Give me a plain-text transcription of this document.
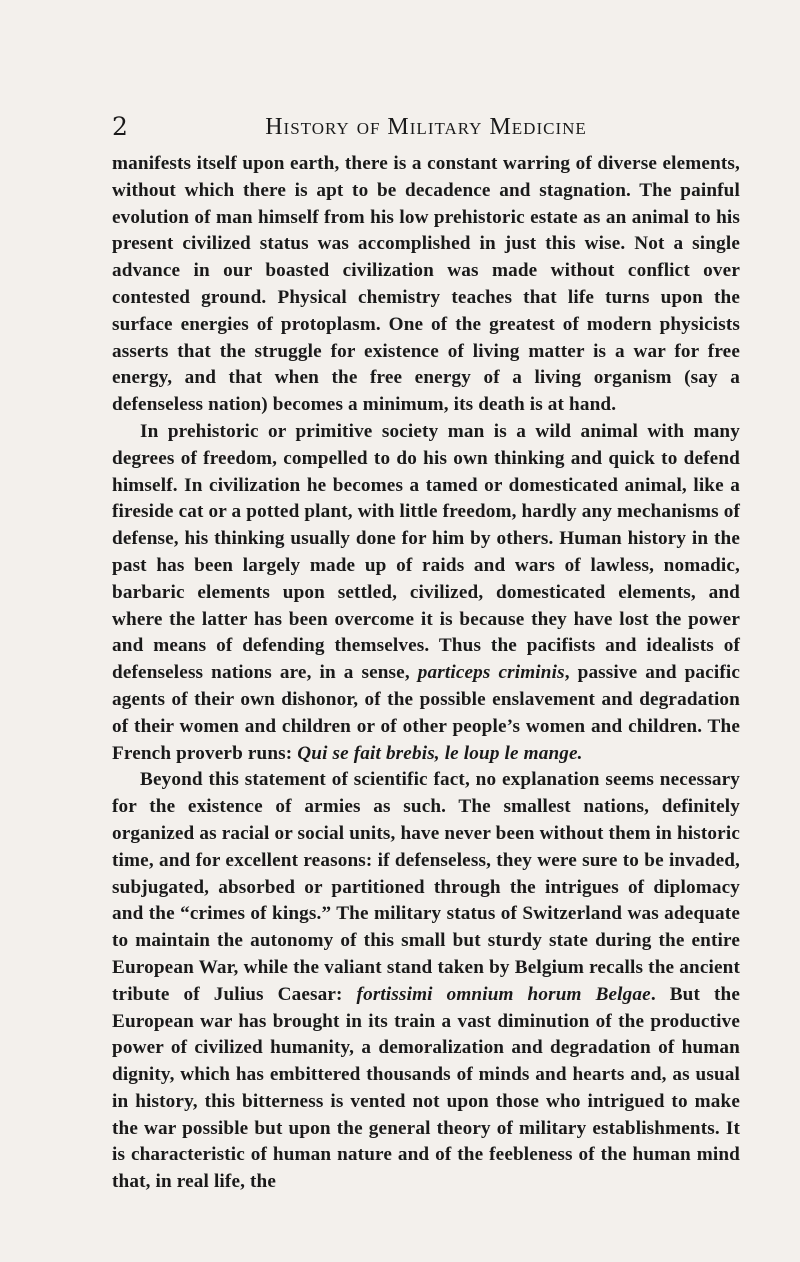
2	History of Military Medicine

manifests itself upon earth, there is a constant warring of diverse elements, without which there is apt to be decadence and stagnation. The painful evolution of man himself from his low prehistoric estate as an animal to his present civilized status was accomplished in just this wise. Not a single advance in our boasted civilization was made without conflict over contested ground. Physical chemistry teaches that life turns upon the surface energies of protoplasm. One of the greatest of modern physicists asserts that the struggle for existence of living matter is a war for free energy, and that when the free energy of a living organism (say a defenseless nation) becomes a minimum, its death is at hand.

In prehistoric or primitive society man is a wild animal with many degrees of freedom, compelled to do his own thinking and quick to defend himself. In civilization he becomes a tamed or domesticated animal, like a fireside cat or a potted plant, with little freedom, hardly any mechanisms of defense, his thinking usually done for him by others. Human history in the past has been largely made up of raids and wars of lawless, nomadic, barbaric elements upon settled, civilized, domesticated elements, and where the latter has been overcome it is because they have lost the power and means of defending themselves. Thus the pacifists and idealists of defenseless nations are, in a sense, particeps criminis, passive and pacific agents of their own dishonor, of the possible enslavement and degradation of their women and children or of other people’s women and children. The French proverb runs: Qui se fait brebis, le loup le mange.

Beyond this statement of scientific fact, no explanation seems necessary for the existence of armies as such. The smallest nations, definitely organized as racial or social units, have never been without them in historic time, and for excellent reasons: if defenseless, they were sure to be invaded, subjugated, absorbed or partitioned through the intrigues of diplomacy and the “crimes of kings.” The military status of Switzerland was adequate to maintain the autonomy of this small but sturdy state during the entire European War, while the valiant stand taken by Belgium recalls the ancient tribute of Julius Caesar: fortissimi omnium horum Belgae. But the European war has brought in its train a vast diminution of the productive power of civilized humanity, a demoralization and degradation of human dignity, which has embittered thousands of minds and hearts and, as usual in history, this bitterness is vented not upon those who intrigued to make the war possible but upon the general theory of military establishments. It is characteristic of human nature and of the feebleness of the human mind that, in real life, the
